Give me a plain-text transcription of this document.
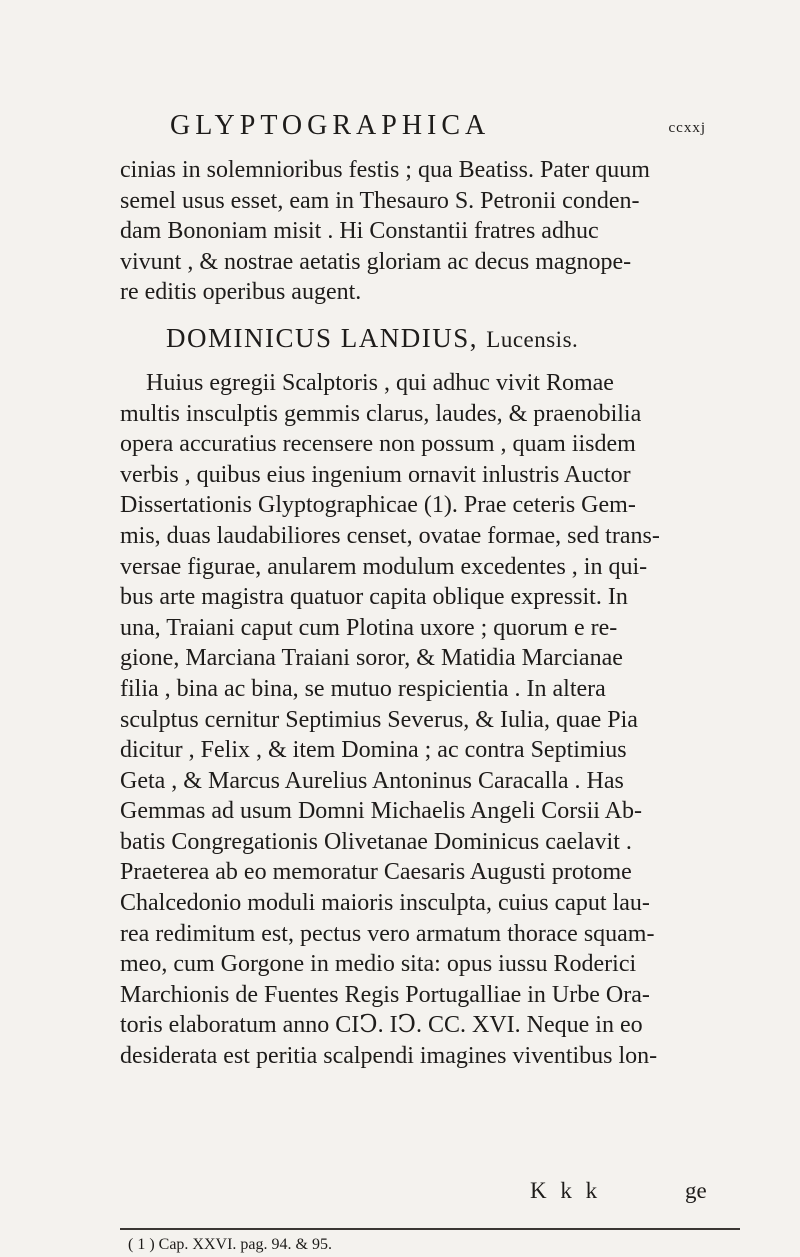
GLYPTOGRAPHICA	ccxxj
cinias in solemnioribus festis ; qua Beatiss. Pater quum
semel usus esset, eam in Thesauro S. Petronii conden-
dam Bononiam misit . Hi Constantii fratres adhuc
vivunt , & nostrae aetatis gloriam ac decus magnope-
re editis operibus augent.
DOMINICUS LANDIUS, Lucensis.
Huius egregii Scalptoris , qui adhuc vivit Romae
multis insculptis gemmis clarus, laudes, & praenobilia
opera accuratius recensere non possum , quam iisdem
verbis , quibus eius ingenium ornavit inlustris Auctor
Dissertationis Glyptographicae (1). Prae ceteris Gem-
mis, duas laudabiliores censet, ovatae formae, sed trans-
versae figurae, anularem modulum excedentes , in qui-
bus arte magistra quatuor capita oblique expressit. In
una, Traiani caput cum Plotina uxore ; quorum e re-
gione, Marciana Traiani soror, & Matidia Marcianae
filia , bina ac bina, se mutuo respicientia . In altera
sculptus cernitur Septimius Severus, & Iulia, quae Pia
dicitur , Felix , & item Domina ; ac contra Septimius
Geta , & Marcus Aurelius Antoninus Caracalla . Has
Gemmas ad usum Domni Michaelis Angeli Corsii Ab-
batis Congregationis Olivetanae Dominicus caelavit .
Praeterea ab eo memoratur Caesaris Augusti protome
Chalcedonio moduli maioris insculpta, cuius caput lau-
rea redimitum est, pectus vero armatum thorace squam-
meo, cum Gorgone in medio sita: opus iussu Roderici
Marchionis de Fuentes Regis Portugalliae in Urbe Ora-
toris elaboratum anno CIↃ. IↃ. CC. XVI. Neque in eo
desiderata est peritia scalpendi imagines viventibus lon-
K k k	ge
( 1 ) Cap. XXVI. pag. 94. & 95.
